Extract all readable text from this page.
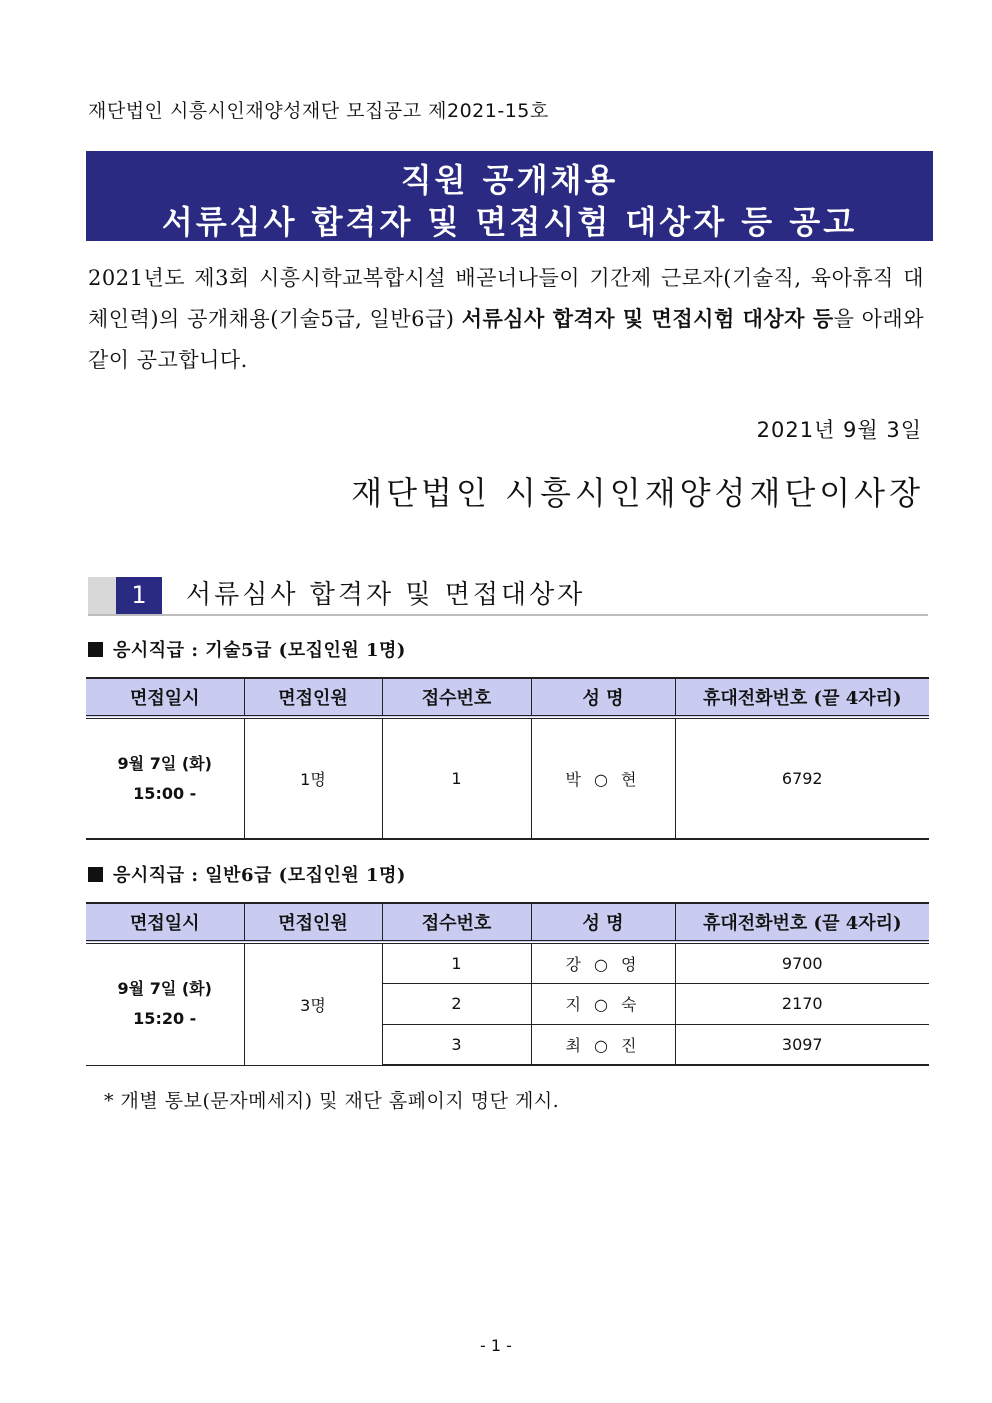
재단법인 시흥시인재양성재단 모집공고 제2021-15호
직원 공개채용
서류심사 합격자 및 면접시험 대상자 등 공고
2021년도 제3회 시흥시학교복합시설 배곧너나들이 기간제 근로자(기술직, 육아휴직 대체인력)의 공개채용(기술5급, 일반6급) 서류심사 합격자 및 면접시험 대상자 등을 아래와 같이 공고합니다.
2021년 9월 3일
재단법인 시흥시인재양성재단이사장
1	서류심사 합격자 및 면접대상자
응시직급 : 기술5급 (모집인원 1명)
면접일시	면접인원	접수번호	성 명	휴대전화번호 (끝 4자리)
9월 7일 (화)
15:00 -	1명	1	박 ○ 현	6792
응시직급 : 일반6급 (모집인원 1명)
면접일시	면접인원	접수번호	성 명	휴대전화번호 (끝 4자리)
9월 7일 (화)
15:20 -	3명	1	강 ○ 영	9700
		2	지 ○ 숙	2170
		3	최 ○ 진	3097
* 개별 통보(문자메세지) 및 재단 홈페이지 명단 게시.
- 1 -
